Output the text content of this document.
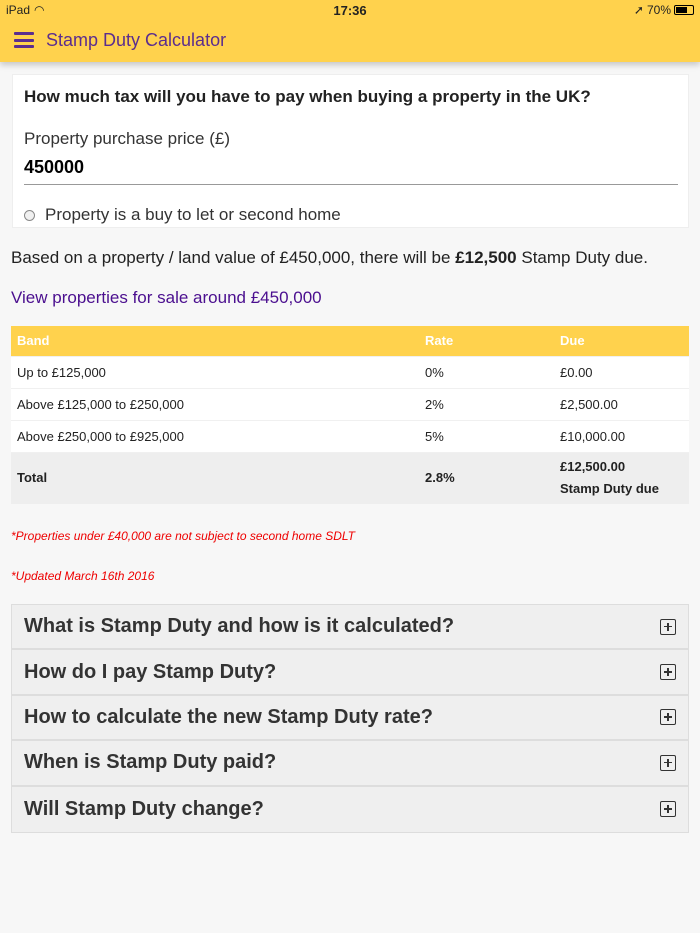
iPad ◠	17:36	➚ 70%
Stamp Duty Calculator
How much tax will you have to pay when buying a property in the UK?
Property purchase price (£)
450000
Property is a buy to let or second home
Based on a property / land value of £450,000, there will be £12,500 Stamp Duty due.
View properties for sale around £450,000
Band	Rate	Due
Up to £125,000	0%	£0.00
Above £125,000 to £250,000	2%	£2,500.00
Above £250,000 to £925,000	5%	£10,000.00
Total	2.8%	
£12,500.00
Stamp Duty due
*Properties under £40,000 are not subject to second home SDLT
*Updated March 16th 2016
What is Stamp Duty and how is it calculated?
How do I pay Stamp Duty?
How to calculate the new Stamp Duty rate?
When is Stamp Duty paid?
Will Stamp Duty change?
